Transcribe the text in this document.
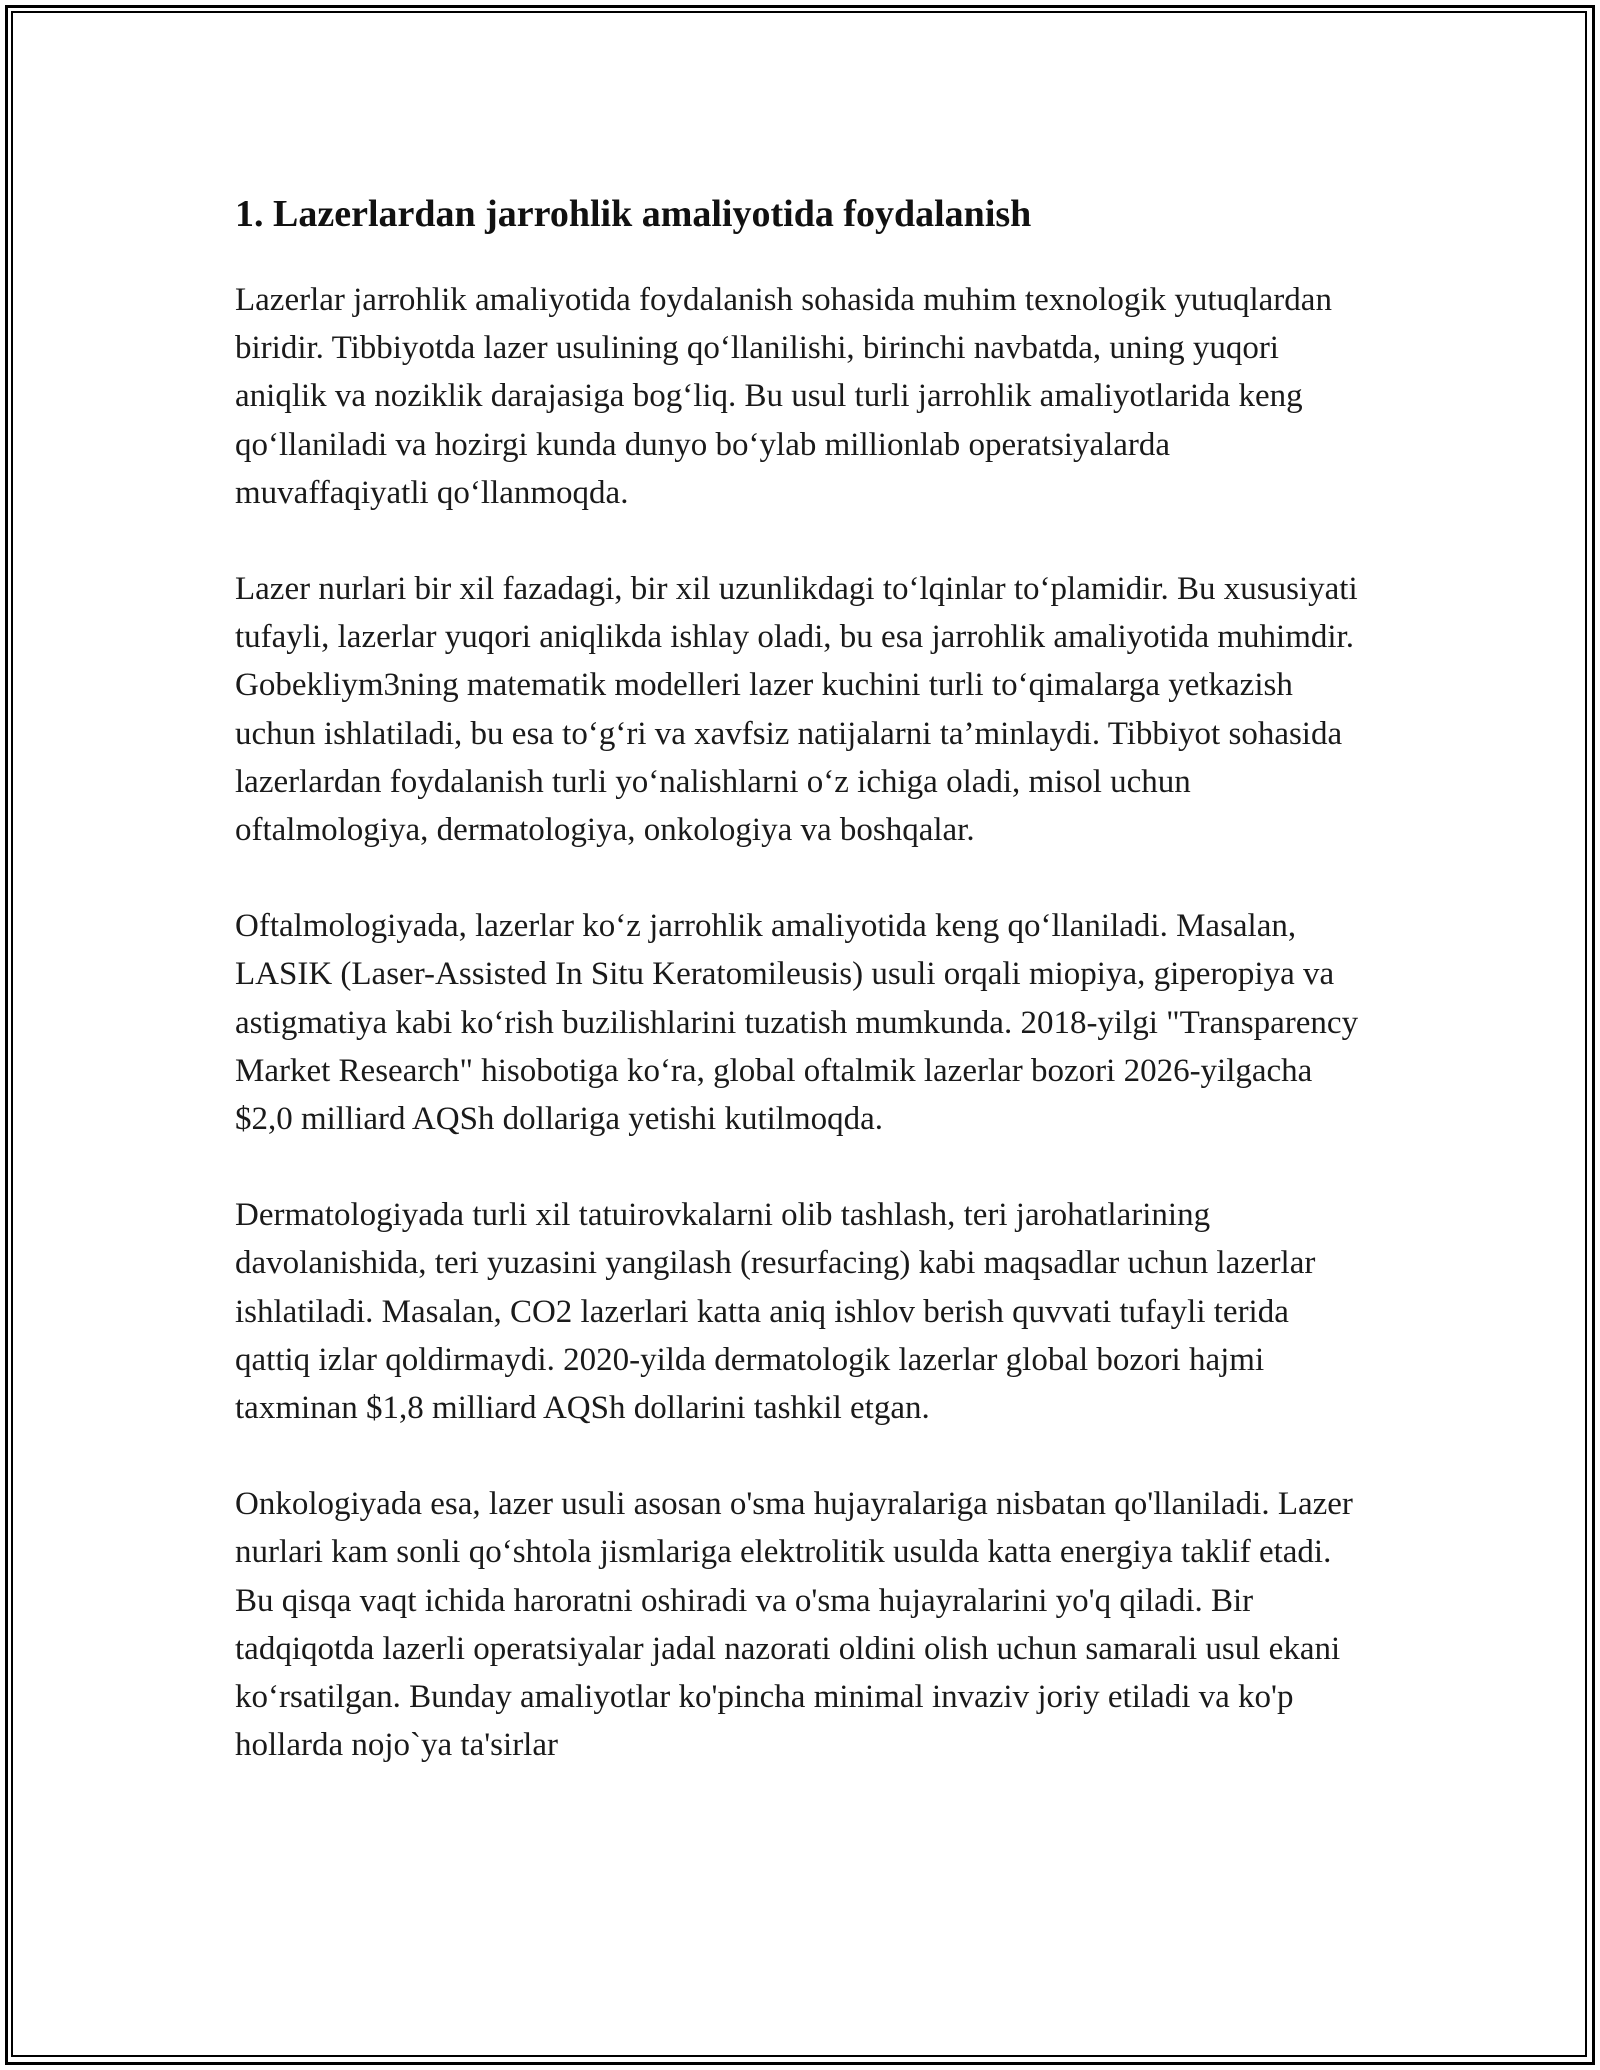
1. Lazerlardan jarrohlik amaliyotida foydalanish

Lazerlar jarrohlik amaliyotida foydalanish sohasida muhim texnologik yutuqlardan biridir. Tibbiyotda lazer usulining qo‘llanilishi, birinchi navbatda, uning yuqori aniqlik va noziklik darajasiga bog‘liq. Bu usul turli jarrohlik amaliyotlarida keng qo‘llaniladi va hozirgi kunda dunyo bo‘ylab millionlab operatsiyalarda muvaffaqiyatli qo‘llanmoqda.

Lazer nurlari bir xil fazadagi, bir xil uzunlikdagi to‘lqinlar to‘plamidir. Bu xususiyati tufayli, lazerlar yuqori aniqlikda ishlay oladi, bu esa jarrohlik amaliyotida muhimdir. Gobekliym3ning matematik modelleri lazer kuchini turli to‘qimalarga yetkazish uchun ishlatiladi, bu esa to‘g‘ri va xavfsiz natijalarni ta’minlaydi. Tibbiyot sohasida lazerlardan foydalanish turli yo‘nalishlarni o‘z ichiga oladi, misol uchun oftalmologiya, dermatologiya, onkologiya va boshqalar.

Oftalmologiyada, lazerlar ko‘z jarrohlik amaliyotida keng qo‘llaniladi. Masalan, LASIK (Laser-Assisted In Situ Keratomileusis) usuli orqali miopiya, giperopiya va astigmatiya kabi ko‘rish buzilishlarini tuzatish mumkunda. 2018-yilgi "Transparency Market Research" hisobotiga ko‘ra, global oftalmik lazerlar bozori 2026-yilgacha $2,0 milliard AQSh dollariga yetishi kutilmoqda.

Dermatologiyada turli xil tatuirovkalarni olib tashlash, teri jarohatlarining davolanishida, teri yuzasini yangilash (resurfacing) kabi maqsadlar uchun lazerlar ishlatiladi. Masalan, CO2 lazerlari katta aniq ishlov berish quvvati tufayli terida qattiq izlar qoldirmaydi. 2020-yilda dermatologik lazerlar global bozori hajmi taxminan $1,8 milliard AQSh dollarini tashkil etgan.

Onkologiyada esa, lazer usuli asosan o'sma hujayralariga nisbatan qo'llaniladi. Lazer nurlari kam sonli qo‘shtola jismlariga elektrolitik usulda katta energiya taklif etadi. Bu qisqa vaqt ichida haroratni oshiradi va o'sma hujayralarini yo'q qiladi. Bir tadqiqotda lazerli operatsiyalar jadal nazorati oldini olish uchun samarali usul ekani ko‘rsatilgan. Bunday amaliyotlar ko'pincha minimal invaziv joriy etiladi va ko'p hollarda nojo`ya ta'sirlar
